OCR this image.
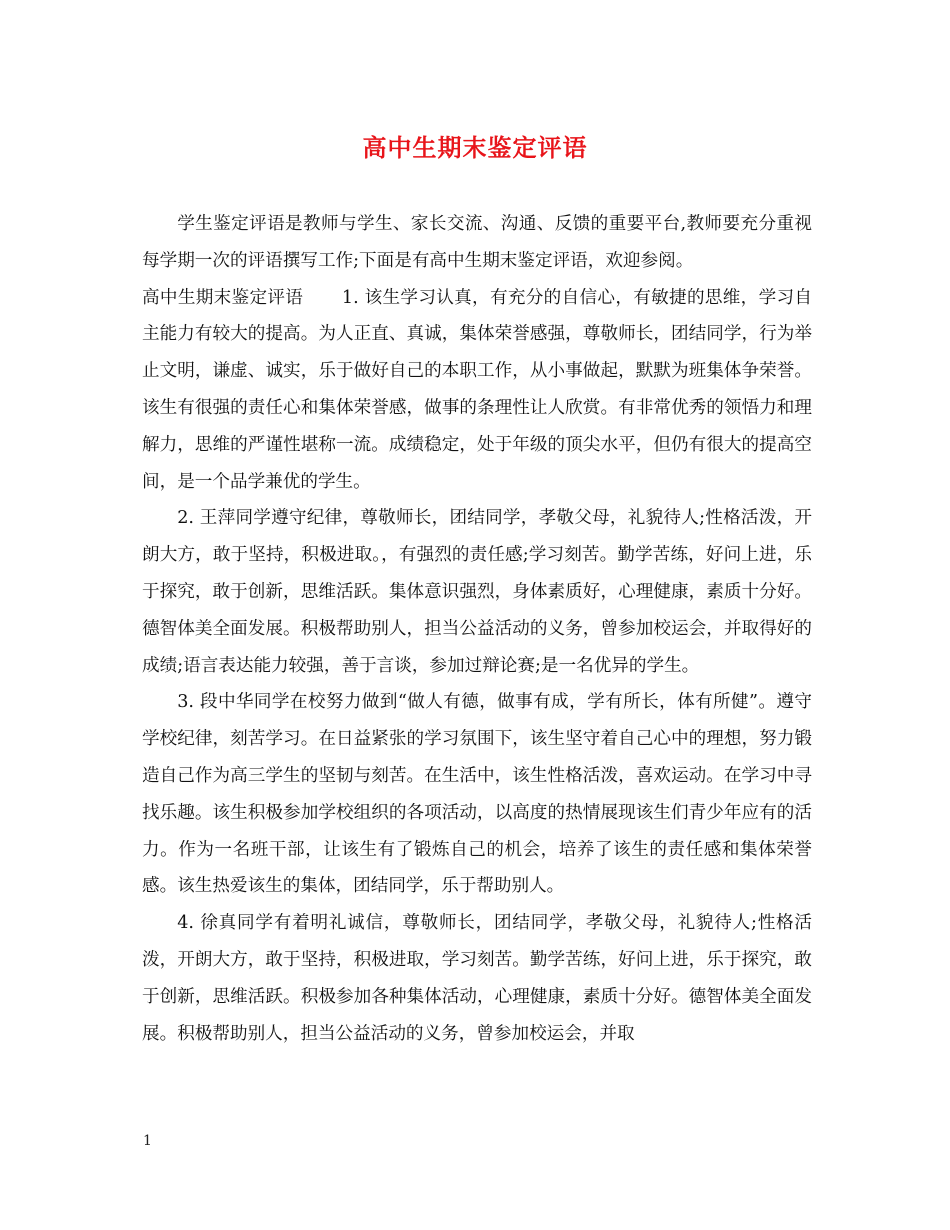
高中生期末鉴定评语

学生鉴定评语是教师与学生、家长交流、沟通、反馈的重要平台,教师要充分重视每学期一次的评语撰写工作;下面是有高中生期末鉴定评语，欢迎参阅。

高中生期末鉴定评语 1. 该生学习认真，有充分的自信心，有敏捷的思维，学习自主能力有较大的提高。为人正直、真诚，集体荣誉感强，尊敬师长，团结同学，行为举止文明，谦虚、诚实，乐于做好自己的本职工作，从小事做起，默默为班集体争荣誉。该生有很强的责任心和集体荣誉感，做事的条理性让人欣赏。有非常优秀的领悟力和理解力，思维的严谨性堪称一流。成绩稳定，处于年级的顶尖水平，但仍有很大的提高空间，是一个品学兼优的学生。

2. 王萍同学遵守纪律，尊敬师长，团结同学，孝敬父母，礼貌待人;性格活泼，开朗大方，敢于坚持，积极进取。，有强烈的责任感;学习刻苦。勤学苦练，好问上进，乐于探究，敢于创新，思维活跃。集体意识强烈，身体素质好，心理健康，素质十分好。德智体美全面发展。积极帮助别人，担当公益活动的义务，曾参加校运会，并取得好的成绩;语言表达能力较强，善于言谈，参加过辩论赛;是一名优异的学生。

3. 段中华同学在校努力做到“做人有德，做事有成，学有所长，体有所健”。遵守学校纪律，刻苦学习。在日益紧张的学习氛围下，该生坚守着自己心中的理想，努力锻造自己作为高三学生的坚韧与刻苦。在生活中，该生性格活泼，喜欢运动。在学习中寻找乐趣。该生积极参加学校组织的各项活动，以高度的热情展现该生们青少年应有的活力。作为一名班干部，让该生有了锻炼自己的机会，培养了该生的责任感和集体荣誉感。该生热爱该生的集体，团结同学，乐于帮助别人。

4. 徐真同学有着明礼诚信，尊敬师长，团结同学，孝敬父母，礼貌待人;性格活泼，开朗大方，敢于坚持，积极进取，学习刻苦。勤学苦练，好问上进，乐于探究，敢于创新，思维活跃。积极参加各种集体活动，心理健康，素质十分好。德智体美全面发展。积极帮助别人，担当公益活动的义务，曾参加校运会，并取

1
